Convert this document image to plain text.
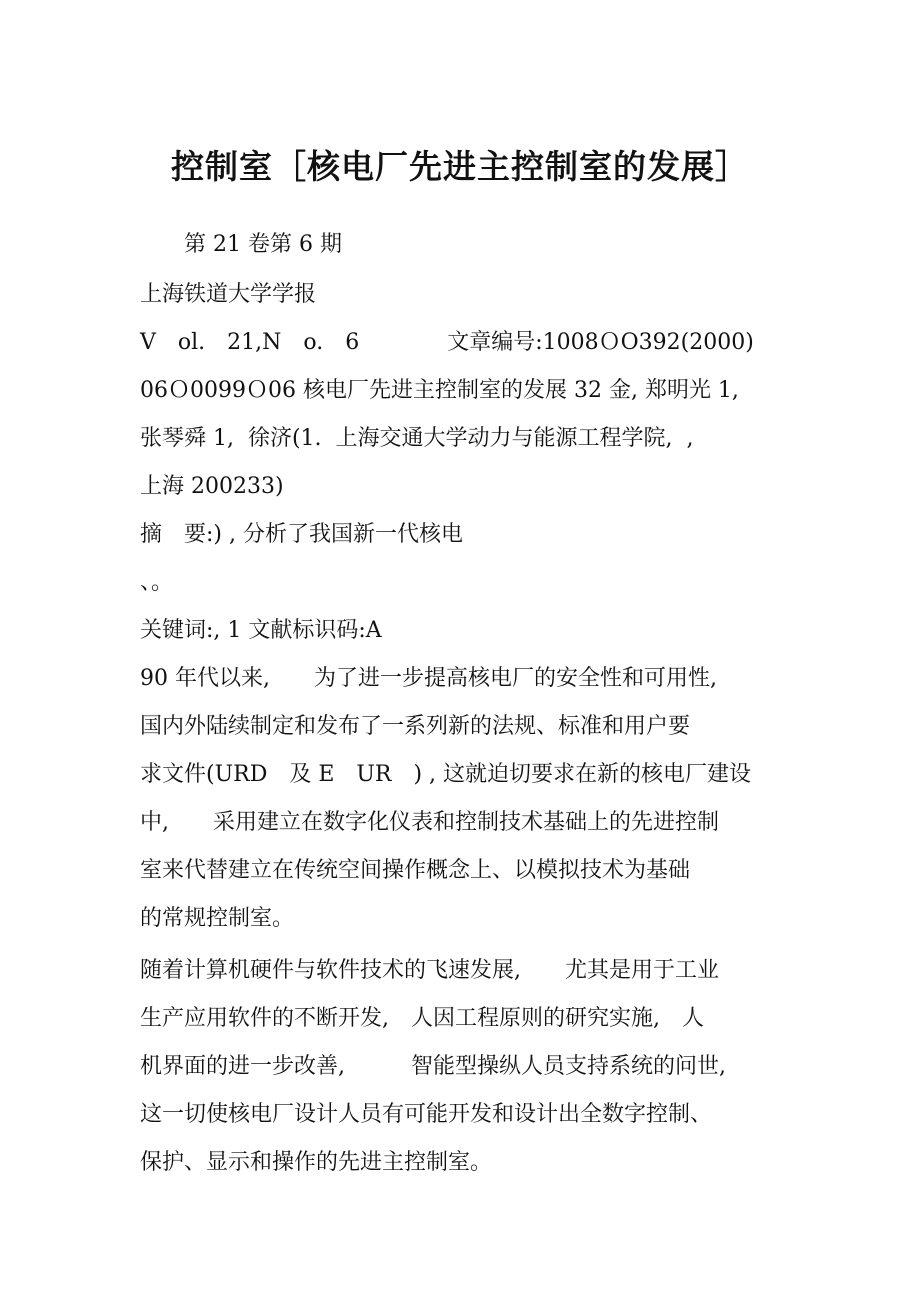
控制室［核电厂先进主控制室的发展］

　　第 21 卷第 6 期

上海铁道大学学报

V　ol.　21,N　o.　6　　　　文章编号:1008ＯO392(2000)

06Ｏ0099Ｏ06 核电厂先进主控制室的发展 32 金, 郑明光 1,

张琴舜 1,  徐济(1.  上海交通大学动力与能源工程学院,  ,

上海 200233)

摘　要:) , 分析了我国新一代核电

、。

关键词:, 1 文献标识码:A

90 年代以来,　　为了进一步提高核电厂的安全性和可用性,

国内外陆续制定和发布了一系列新的法规、标准和用户要

求文件(URD　及 E　UR　) , 这就迫切要求在新的核电厂建设

中,　　采用建立在数字化仪表和控制技术基础上的先进控制

室来代替建立在传统空间操作概念上、以模拟技术为基础

的常规控制室。

随着计算机硬件与软件技术的飞速发展,　　尤其是用于工业

生产应用软件的不断开发,　人因工程原则的研究实施,　人

机界面的进一步改善,　　　智能型操纵人员支持系统的问世,

这一切使核电厂设计人员有可能开发和设计出全数字控制、

保护、显示和操作的先进主控制室。
